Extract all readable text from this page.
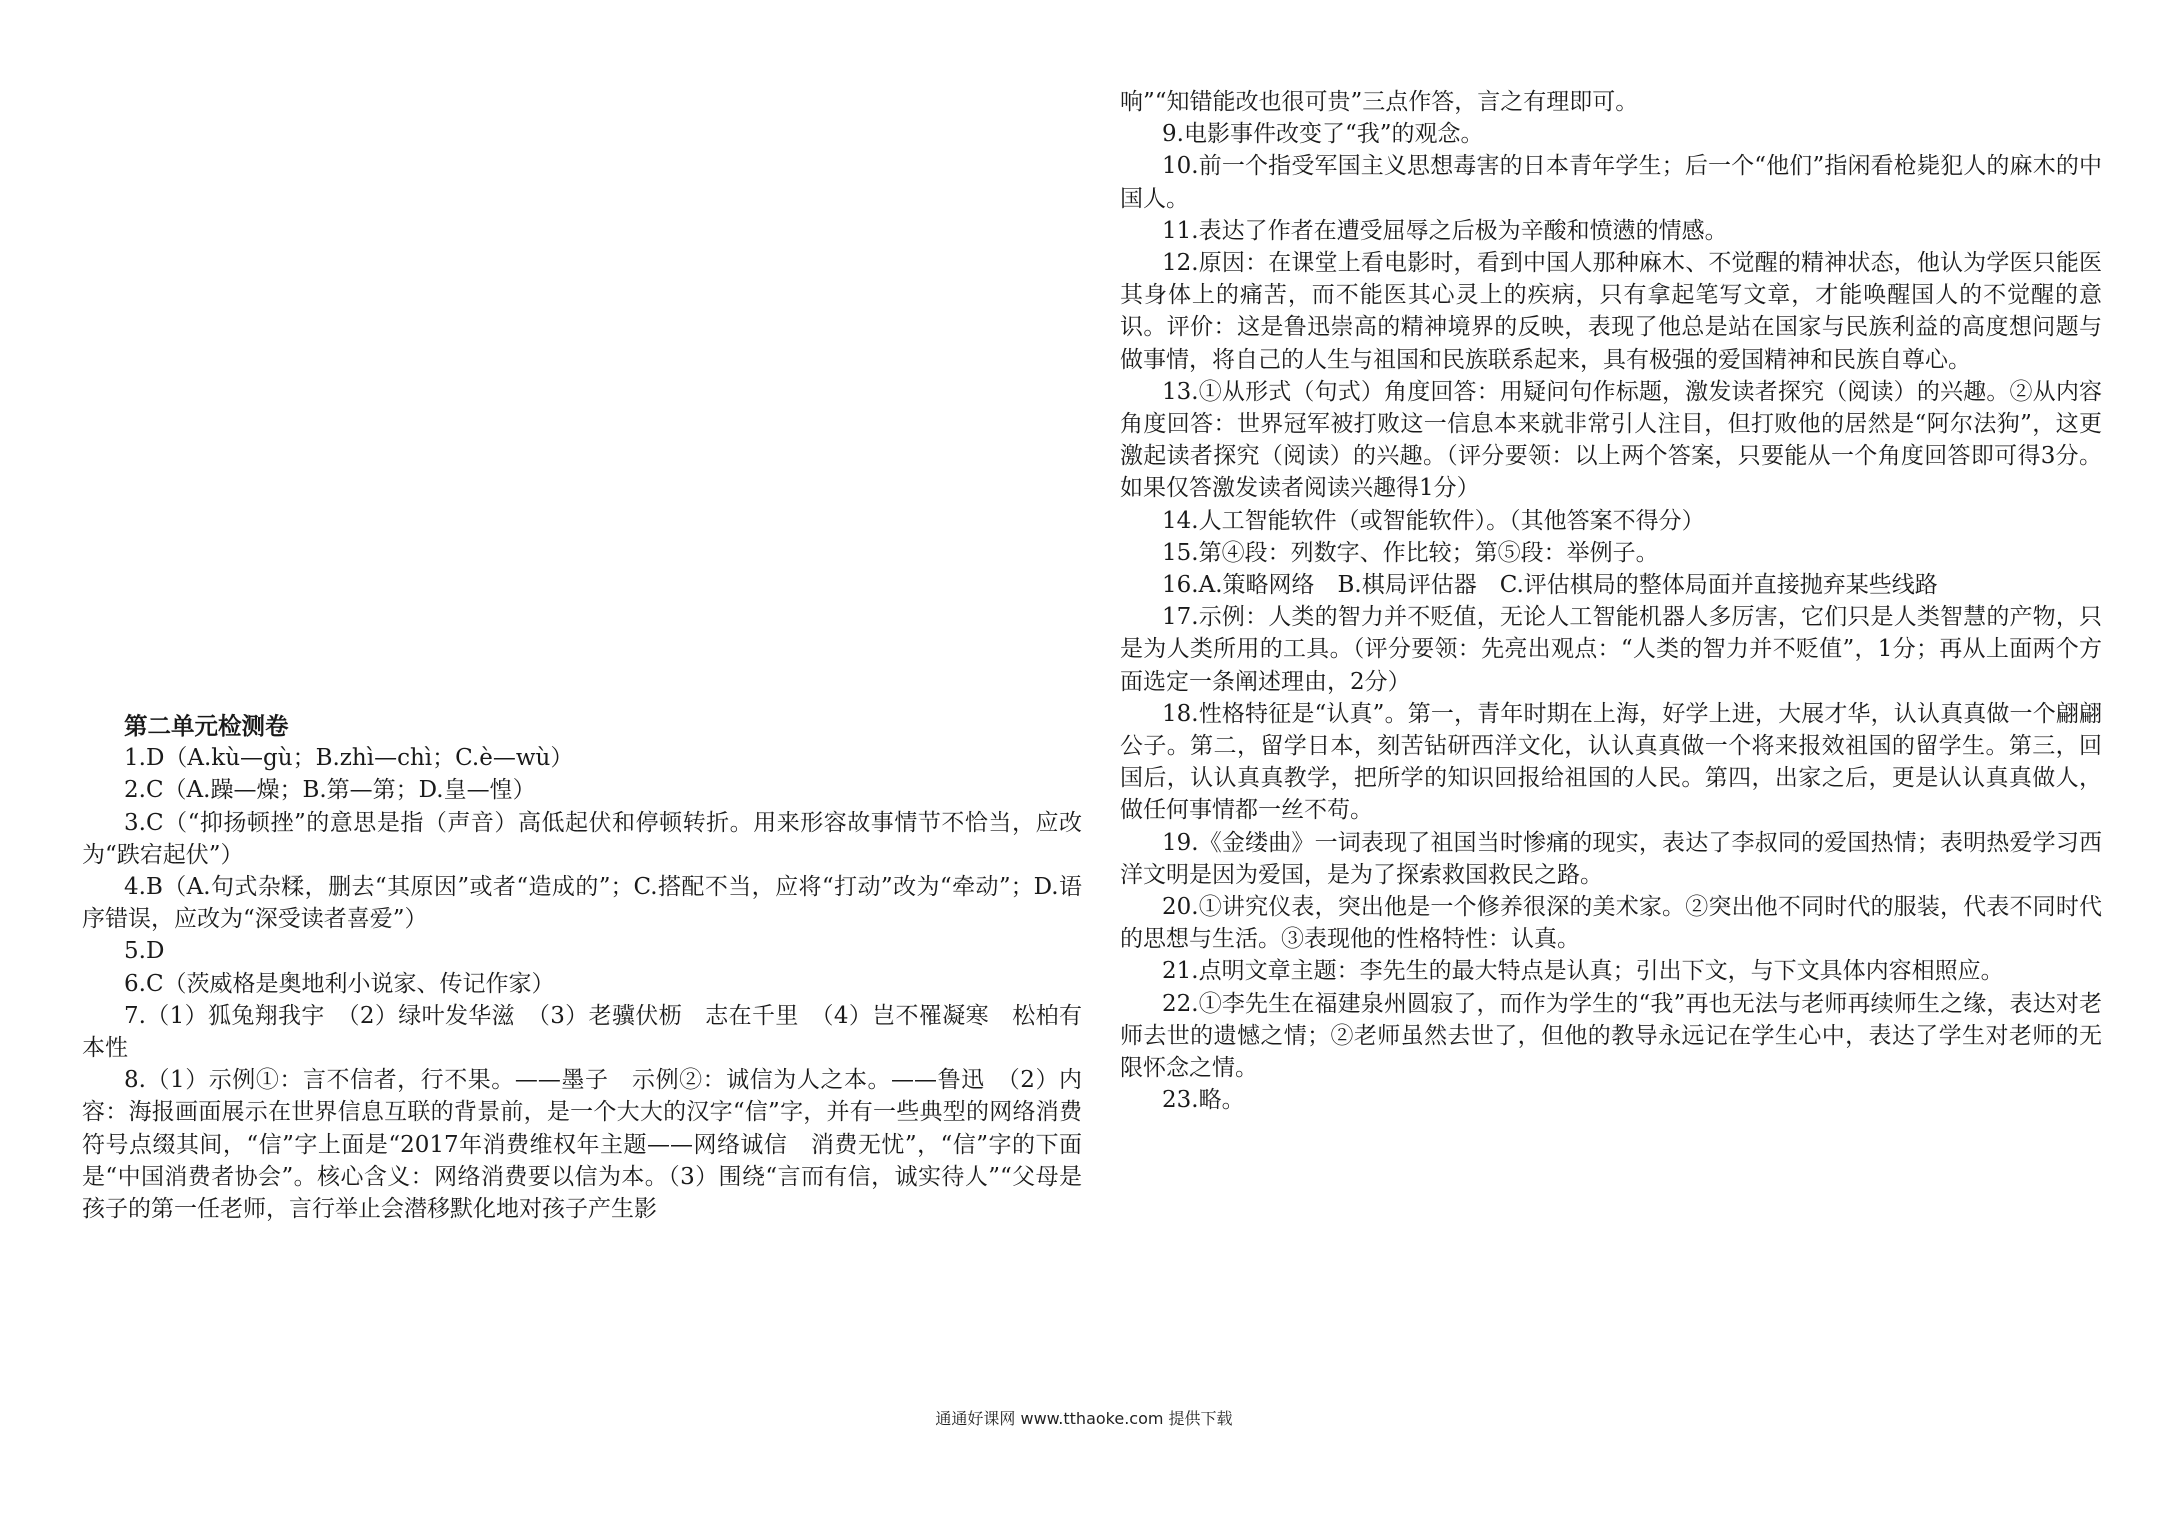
第二单元检测卷

1.D（A.kù—gù；B.zhì—chì；C.è—wù）

2.C（A.躁—燥；B.第—第；D.皇—惶）

3.C（“抑扬顿挫”的意思是指（声音）高低起伏和停顿转折。用来形容故事情节不恰当，应改为“跌宕起伏”）

4.B（A.句式杂糅，删去“其原因”或者“造成的”；C.搭配不当，应将“打动”改为“牵动”；D.语序错误，应改为“深受读者喜爱”）

5.D

6.C（茨威格是奥地利小说家、传记作家）

7.（1）狐兔翔我宇　（2）绿叶发华滋　（3）老骥伏枥　志在千里　（4）岂不罹凝寒　松柏有本性

8.（1）示例①：言不信者，行不果。——墨子　示例②：诚信为人之本。——鲁迅　（2）内容：海报画面展示在世界信息互联的背景前，是一个大大的汉字“信”字，并有一些典型的网络消费符号点缀其间，“信”字上面是“2017年消费维权年主题——网络诚信　消费无忧”，“信”字的下面是“中国消费者协会”。核心含义：网络消费要以信为本。（3）围绕“言而有信，诚实待人”“父母是孩子的第一任老师，言行举止会潜移默化地对孩子产生影

响”“知错能改也很可贵”三点作答，言之有理即可。

9.电影事件改变了“我”的观念。

10.前一个指受军国主义思想毒害的日本青年学生；后一个“他们”指闲看枪毙犯人的麻木的中国人。

11.表达了作者在遭受屈辱之后极为辛酸和愤懑的情感。

12.原因：在课堂上看电影时，看到中国人那种麻木、不觉醒的精神状态，他认为学医只能医其身体上的痛苦，而不能医其心灵上的疾病，只有拿起笔写文章，才能唤醒国人的不觉醒的意识。评价：这是鲁迅崇高的精神境界的反映，表现了他总是站在国家与民族利益的高度想问题与做事情，将自己的人生与祖国和民族联系起来，具有极强的爱国精神和民族自尊心。

13.①从形式（句式）角度回答：用疑问句作标题，激发读者探究（阅读）的兴趣。②从内容角度回答：世界冠军被打败这一信息本来就非常引人注目，但打败他的居然是“阿尔法狗”，这更激起读者探究（阅读）的兴趣。（评分要领：以上两个答案，只要能从一个角度回答即可得3分。如果仅答激发读者阅读兴趣得1分）

14.人工智能软件（或智能软件）。（其他答案不得分）

15.第④段：列数字、作比较；第⑤段：举例子。

16.A.策略网络　B.棋局评估器　C.评估棋局的整体局面并直接抛弃某些线路

17.示例：人类的智力并不贬值，无论人工智能机器人多厉害，它们只是人类智慧的产物，只是为人类所用的工具。（评分要领：先亮出观点：“人类的智力并不贬值”，1分；再从上面两个方面选定一条阐述理由，2分）

18.性格特征是“认真”。第一，青年时期在上海，好学上进，大展才华，认认真真做一个翩翩公子。第二，留学日本，刻苦钻研西洋文化，认认真真做一个将来报效祖国的留学生。第三，回国后，认认真真教学，把所学的知识回报给祖国的人民。第四，出家之后，更是认认真真做人，做任何事情都一丝不苟。

19.《金缕曲》一词表现了祖国当时惨痛的现实，表达了李叔同的爱国热情；表明热爱学习西洋文明是因为爱国，是为了探索救国救民之路。

20.①讲究仪表，突出他是一个修养很深的美术家。②突出他不同时代的服装，代表不同时代的思想与生活。③表现他的性格特性：认真。

21.点明文章主题：李先生的最大特点是认真；引出下文，与下文具体内容相照应。

22.①李先生在福建泉州圆寂了，而作为学生的“我”再也无法与老师再续师生之缘，表达对老师去世的遗憾之情；②老师虽然去世了，但他的教导永远记在学生心中，表达了学生对老师的无限怀念之情。

23.略。

通通好课网 www.tthaoke.com 提供下载
